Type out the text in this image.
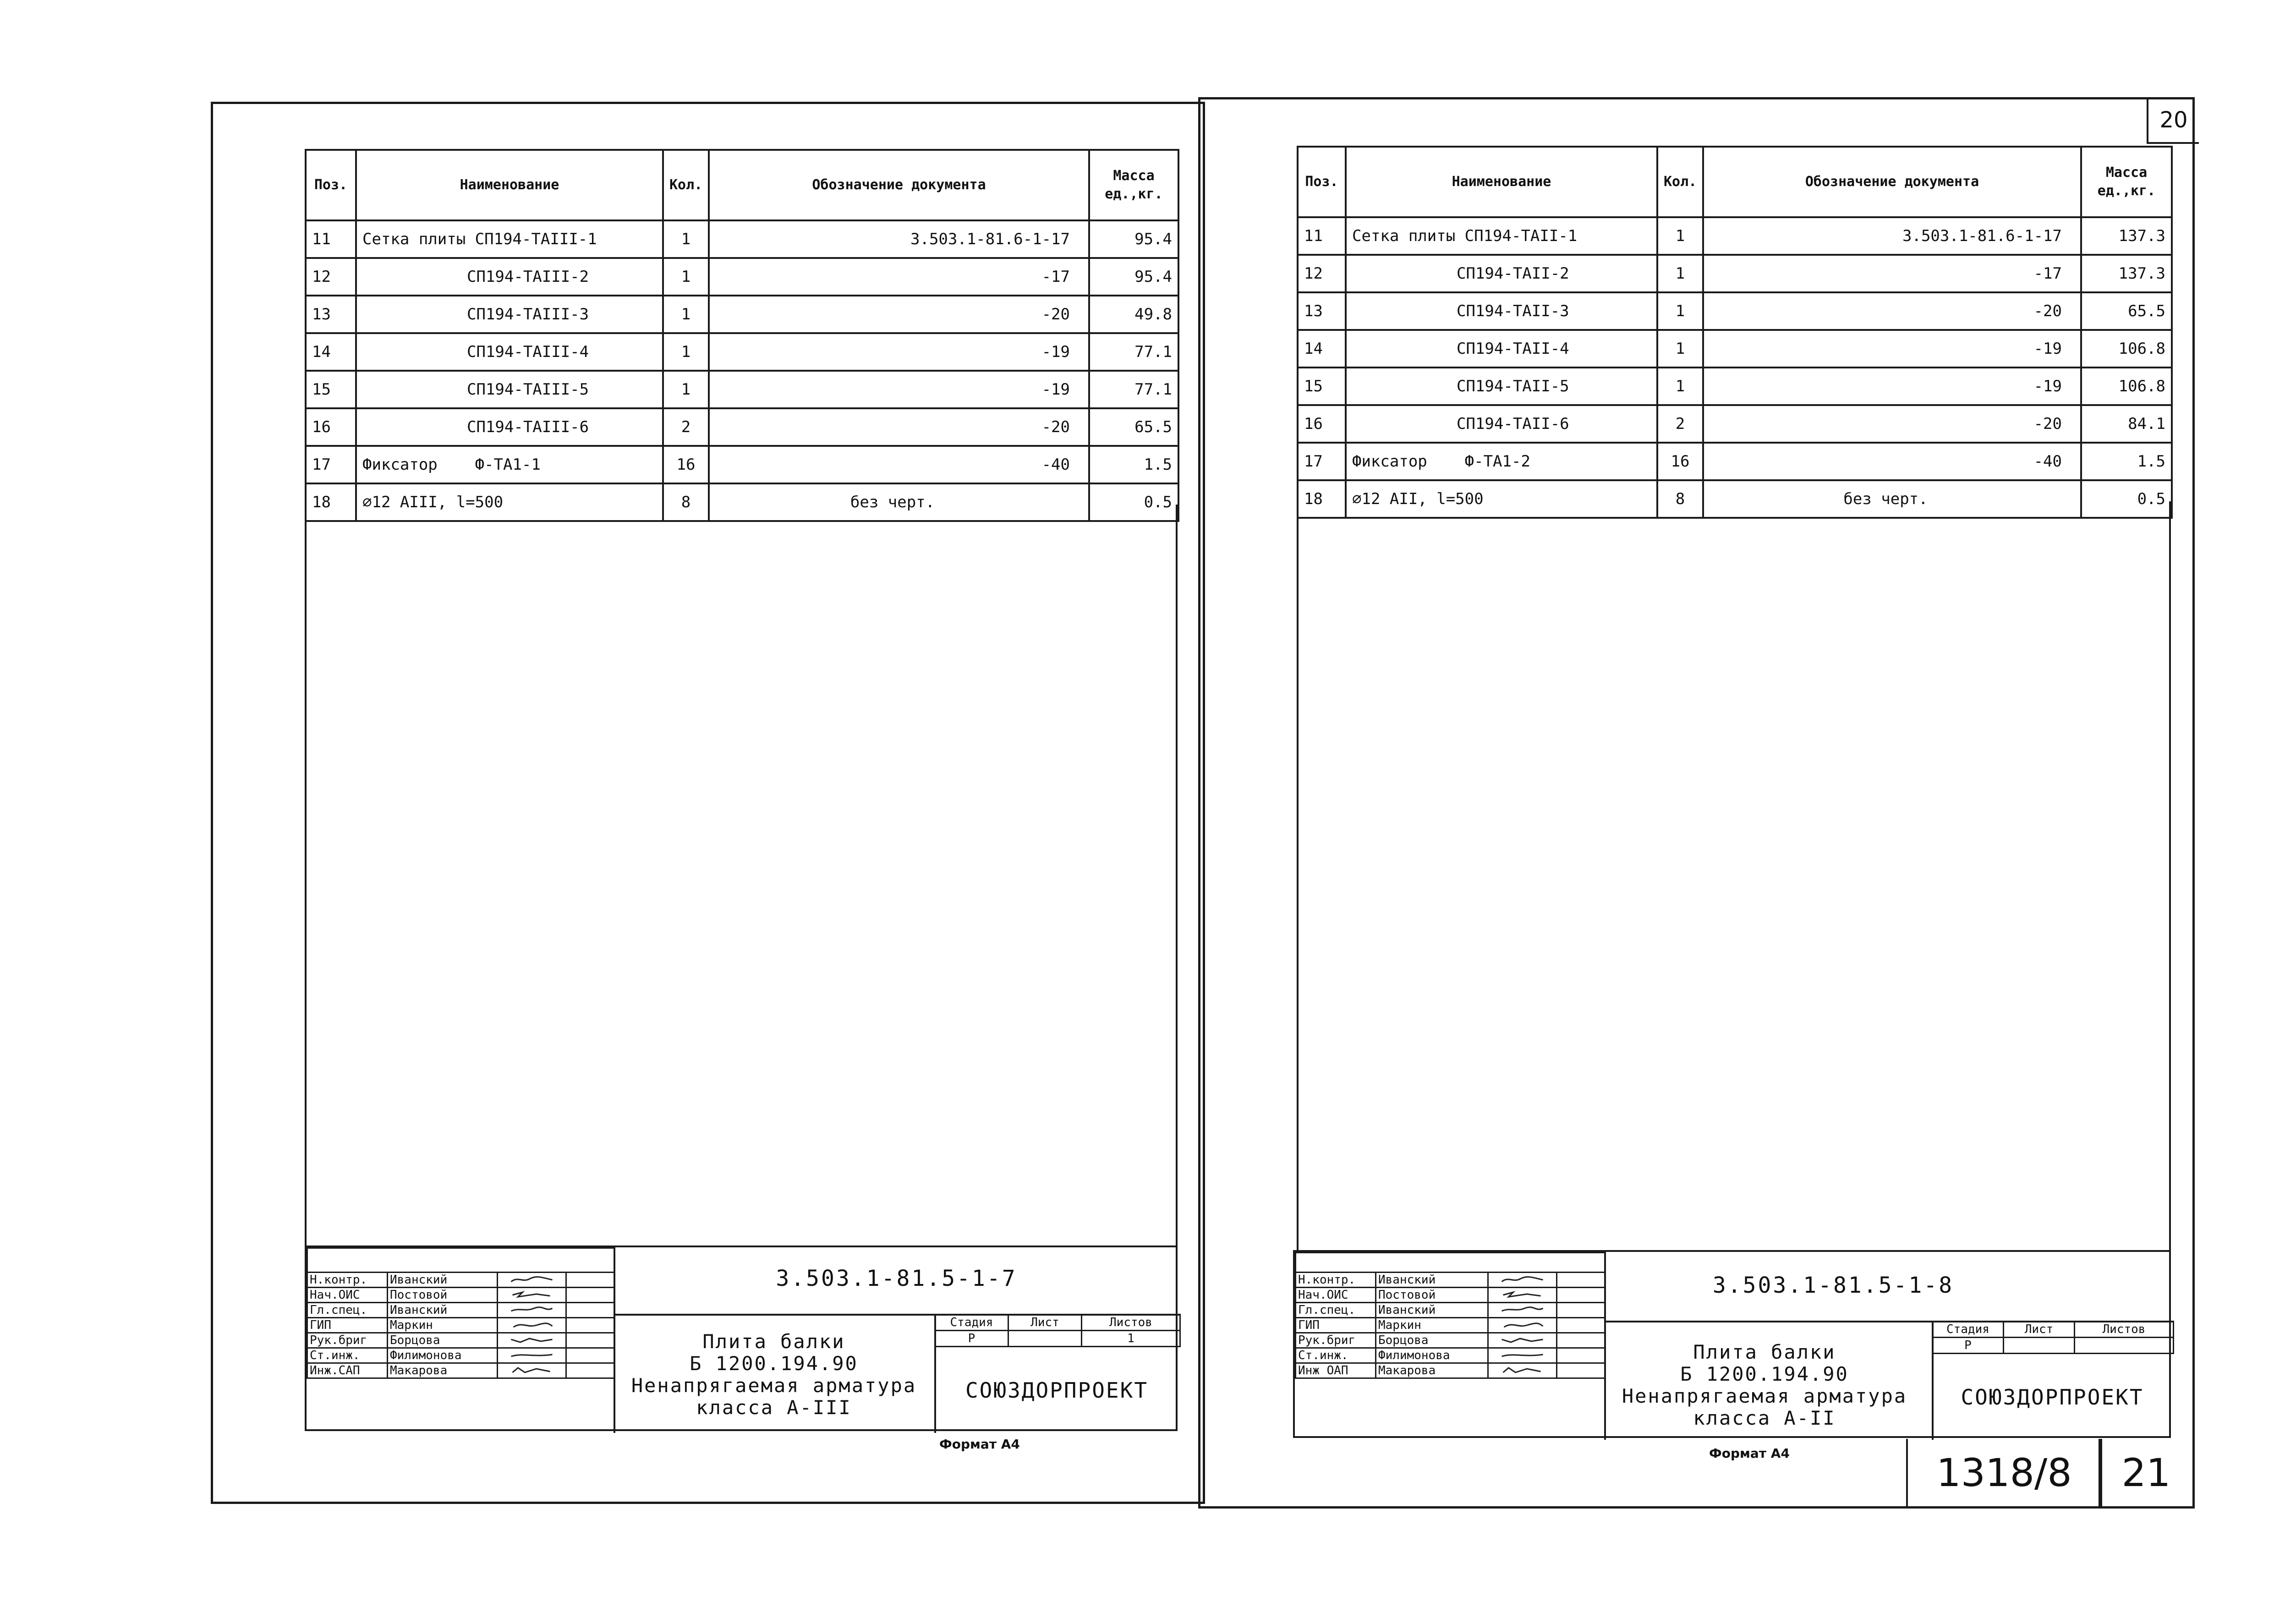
Поз.	Наименование	Кол.	Обозначение документа	Масса
ед.,кг.
11	Сетка плиты СП194-ТАIII-1	1	3.503.1-81.6-1-17	95.4
12	СП194-ТАIII-2	1	-17	95.4
13	СП194-ТАIII-3	1	-20	49.8
14	СП194-ТАIII-4	1	-19	77.1
15	СП194-ТАIII-5	1	-19	77.1
16	СП194-ТАIII-6	2	-20	65.5
17	Фиксатор    Ф-ТА1-1	16	-40	1.5
18	∅12 АIII, l=500	8	без черт.	0.5

Н.контр.	Иванский		
Нач.ОИС	Постовой		
Гл.спец.	Иванский		
ГИП	Маркин		
Рук.бриг	Борцова		
Ст.инж.	Филимонова		
Инж.САП	Макарова		
3.503.1-81.5-1-7
Плита балки
Б 1200.194.90
Ненапрягаемая арматура
класса А-III
Стадия	Лист	Листов
Р		1
СОЮЗДОРПРОЕКТ
Формат А4
20
Поз.	Наименование	Кол.	Обозначение документа	Масса
ед.,кг.
11	Сетка плиты СП194-ТАII-1	1	3.503.1-81.6-1-17	137.3
12	СП194-ТАII-2	1	-17	137.3
13	СП194-ТАII-3	1	-20	65.5
14	СП194-ТАII-4	1	-19	106.8
15	СП194-ТАII-5	1	-19	106.8
16	СП194-ТАII-6	2	-20	84.1
17	Фиксатор    Ф-ТА1-2	16	-40	1.5
18	∅12 АII, l=500	8	без черт.	0.5

Н.контр.	Иванский		
Нач.ОИС	Постовой		
Гл.спец.	Иванский		
ГИП	Маркин		
Рук.бриг	Борцова		
Ст.инж.	Филимонова		
Инж ОАП	Макарова		
3.503.1-81.5-1-8
Плита балки
Б 1200.194.90
Ненапрягаемая арматура
класса А-II
Стадия	Лист	Листов
Р		
СОЮЗДОРПРОЕКТ
Формат А4	1318/8	21
